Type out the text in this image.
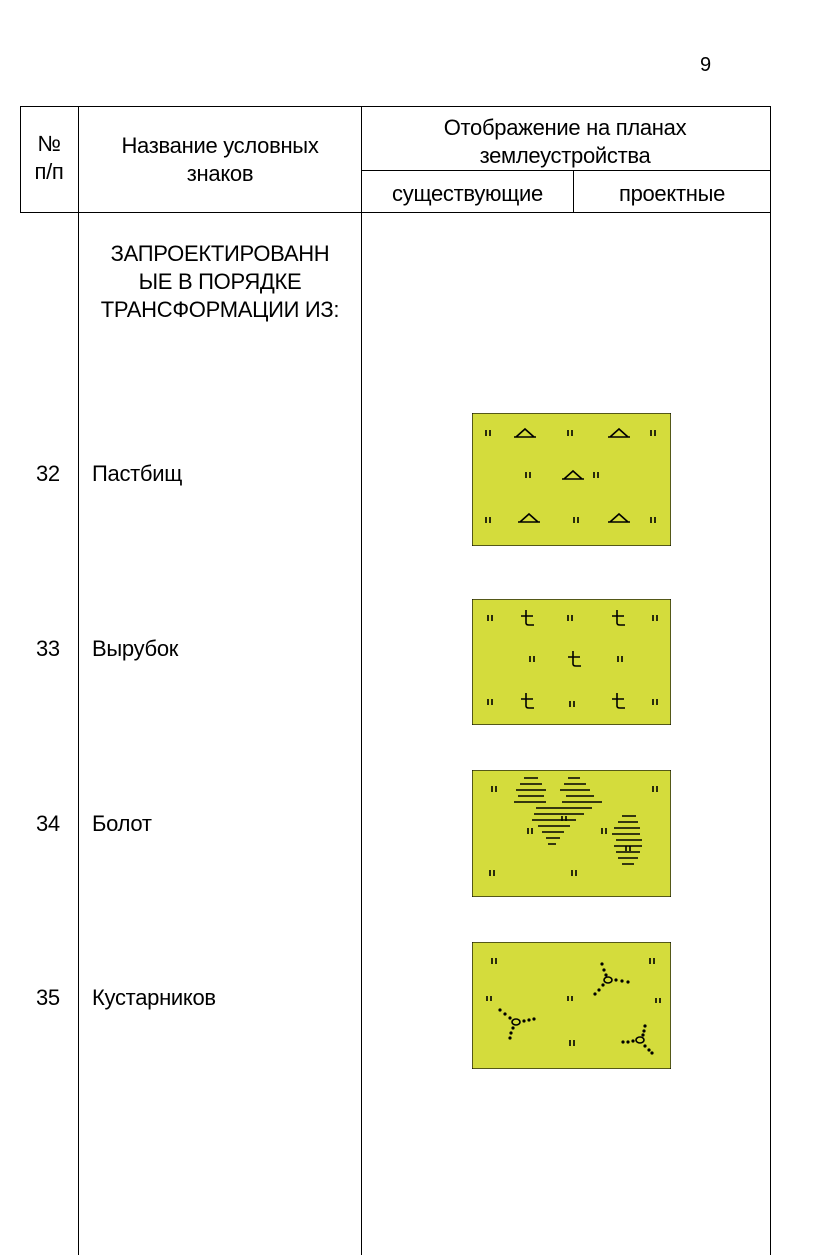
9
№
п/п
Название условных знаков
Отображение на планах землеустройства
существующие	проектные
ЗАПРОЕКТИРОВАНН ЫЕ В ПОРЯДКЕ ТРАНСФОРМАЦИИ ИЗ:
32 Пастбищ
33 Вырубок
34 Болот
35 Кустарников
